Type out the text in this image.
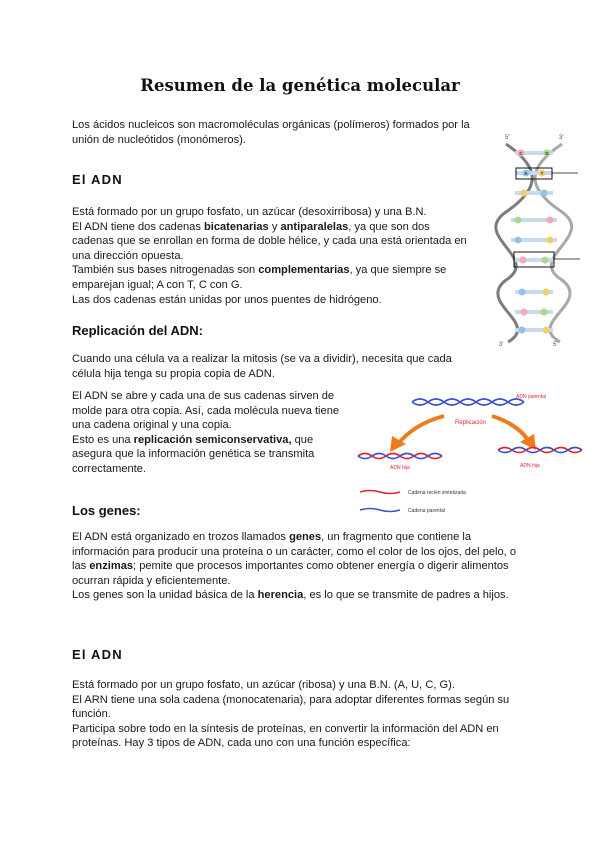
Resumen de la genética molecular

Los ácidos nucleicos son macromoléculas orgánicas (polímeros) formados por la
unión de nucleótidos (monómeros).

El ADN

Está formado por un grupo fosfato, un azúcar (desoxirribosa) y una B.N.
El ADN tiene dos cadenas bicatenarias y antiparalelas, ya que son dos
cadenas que se enrollan en forma de doble hélice, y cada una está orientada en
una dirección opuesta.
También sus bases nitrogenadas son complementarias, ya que siempre se
emparejan igual; A con T, C con G.
Las dos cadenas están unidas por unos puentes de hidrógeno.

Replicación del ADN:

Cuando una célula va a realizar la mitosis (se va a dividir), necesita que cada
célula hija tenga su propia copia de ADN.

El ADN se abre y cada una de sus cadenas sirven de
molde para otra copia. Así, cada molécula nueva tiene
una cadena original y una copia.
Esto es una replicación semiconservativa, que
asegura que la información genética se transmita
correctamente.

Los genes:

El ADN está organizado en trozos llamados genes, un fragmento que contiene la
información para producir una proteína o un carácter, como el color de los ojos, del pelo, o
las enzimas; pemite que procesos importantes como obtener energía o digerir alimentos
ocurran rápida y eficientemente.
Los genes son la unidad básica de la herencia, es lo que se transmite de padres a hijos.

El ADN

Está formado por un grupo fosfato, un azúcar (ribosa) y una B.N. (A, U, C, G).
El ARN tiene una sola cadena (monocatenaria), para adoptar diferentes formas según su
función.
Participa sobre todo en la síntesis de proteínas, en convertir la información del ADN en
proteínas. Hay 3 tipos de ADN, cada uno con una función específica:

5'	3'
C	G
A	T
3'	5'
ADN parental
Replicación
ADN hija	ADN hija
Cadena recién sintetizada
Cadena parental
